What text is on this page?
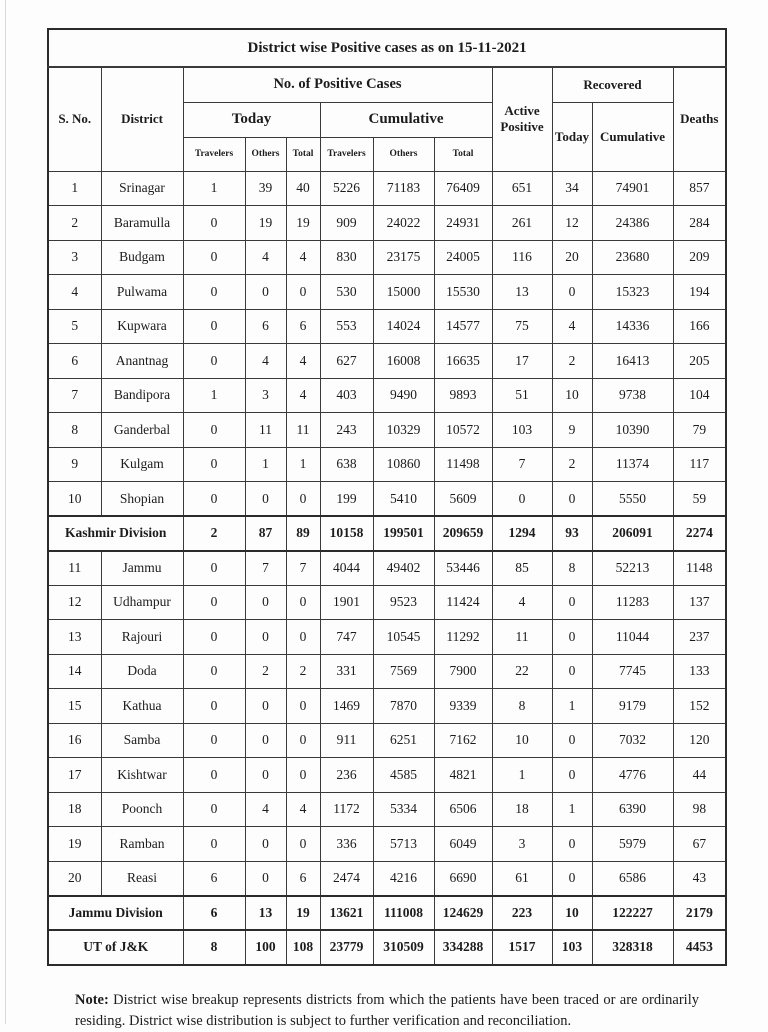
District wise Positive cases as on 15-11-2021											
S. No.	District	No. of Positive Cases						Active Positive	Recovered		Deaths
		Today			Cumulative				Today	Cumulative	
		Travelers	Others	Total	Travelers	Others	Total				
1	Srinagar	1	39	40	5226	71183	76409	651	34	74901	857
2	Baramulla	0	19	19	909	24022	24931	261	12	24386	284
3	Budgam	0	4	4	830	23175	24005	116	20	23680	209
4	Pulwama	0	0	0	530	15000	15530	13	0	15323	194
5	Kupwara	0	6	6	553	14024	14577	75	4	14336	166
6	Anantnag	0	4	4	627	16008	16635	17	2	16413	205
7	Bandipora	1	3	4	403	9490	9893	51	10	9738	104
8	Ganderbal	0	11	11	243	10329	10572	103	9	10390	79
9	Kulgam	0	1	1	638	10860	11498	7	2	11374	117
10	Shopian	0	0	0	199	5410	5609	0	0	5550	59
Kashmir Division		2	87	89	10158	199501	209659	1294	93	206091	2274
11	Jammu	0	7	7	4044	49402	53446	85	8	52213	1148
12	Udhampur	0	0	0	1901	9523	11424	4	0	11283	137
13	Rajouri	0	0	0	747	10545	11292	11	0	11044	237
14	Doda	0	2	2	331	7569	7900	22	0	7745	133
15	Kathua	0	0	0	1469	7870	9339	8	1	9179	152
16	Samba	0	0	0	911	6251	7162	10	0	7032	120
17	Kishtwar	0	0	0	236	4585	4821	1	0	4776	44
18	Poonch	0	4	4	1172	5334	6506	18	1	6390	98
19	Ramban	0	0	0	336	5713	6049	3	0	5979	67
20	Reasi	6	0	6	2474	4216	6690	61	0	6586	43
Jammu Division		6	13	19	13621	111008	124629	223	10	122227	2179
UT of J&K		8	100	108	23779	310509	334288	1517	103	328318	4453

Note: District wise breakup represents districts from which the patients have been traced or are ordinarily residing. District wise distribution is subject to further verification and reconciliation.
